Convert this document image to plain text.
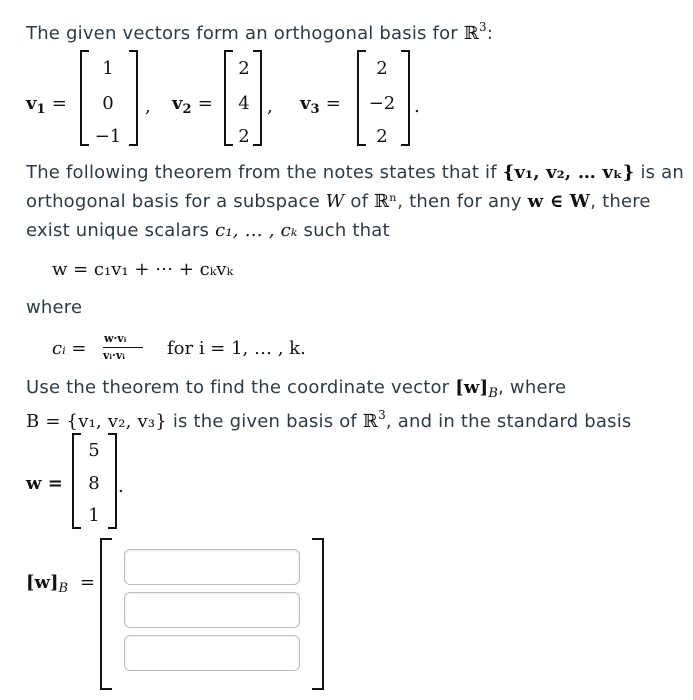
The given vectors form an orthogonal basis for ℝ$^3$:
$v_1$ =
1
0
−1
, $v_2$ =
2
4
2
, $v_3$ =
2
−2
2
.
The following theorem from the notes states that if {v₁, v₂, … vₖ} is an
orthogonal basis for a subspace W of ℝⁿ, then for any w ∈ W, there
exist unique scalars c₁, … , cₖ such that
w = c₁v₁ + ⋯ + cₖvₖ
where
cᵢ = w·vᵢ
vᵢ·vᵢ for i = 1, … , k.
Use the theorem to find the coordinate vector $[w]_B$, where
B = {v₁, v₂, v₃} is the given basis of ℝ$^3$, and in the standard basis
w =
5
8
1
.
$[w]_B$ =
